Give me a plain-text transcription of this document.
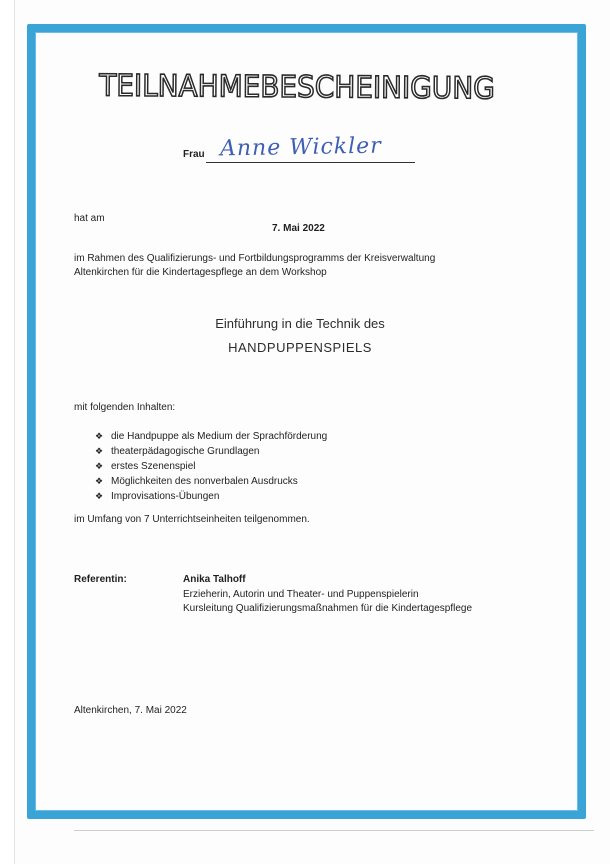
TEILNAHMEBESCHEINIGUNG
Frau Anne Wickler
hat am
7. Mai 2022
im Rahmen des Qualifizierungs- und Fortbildungsprogramms der Kreisverwaltung
Altenkirchen für die Kindertagespflege an dem Workshop
Einführung in die Technik des
HANDPUPPENSPIELS
mit folgenden Inhalten:
❖ die Handpuppe als Medium der Sprachförderung
❖ theaterpädagogische Grundlagen
❖ erstes Szenenspiel
❖ Möglichkeiten des nonverbalen Ausdrucks
❖ Improvisations-Übungen
im Umfang von 7 Unterrichtseinheiten teilgenommen.
Referentin:	Anika Talhoff
Erzieherin, Autorin und Theater- und Puppenspielerin
Kursleitung Qualifizierungsmaßnahmen für die Kindertagespflege
Altenkirchen, 7. Mai 2022
